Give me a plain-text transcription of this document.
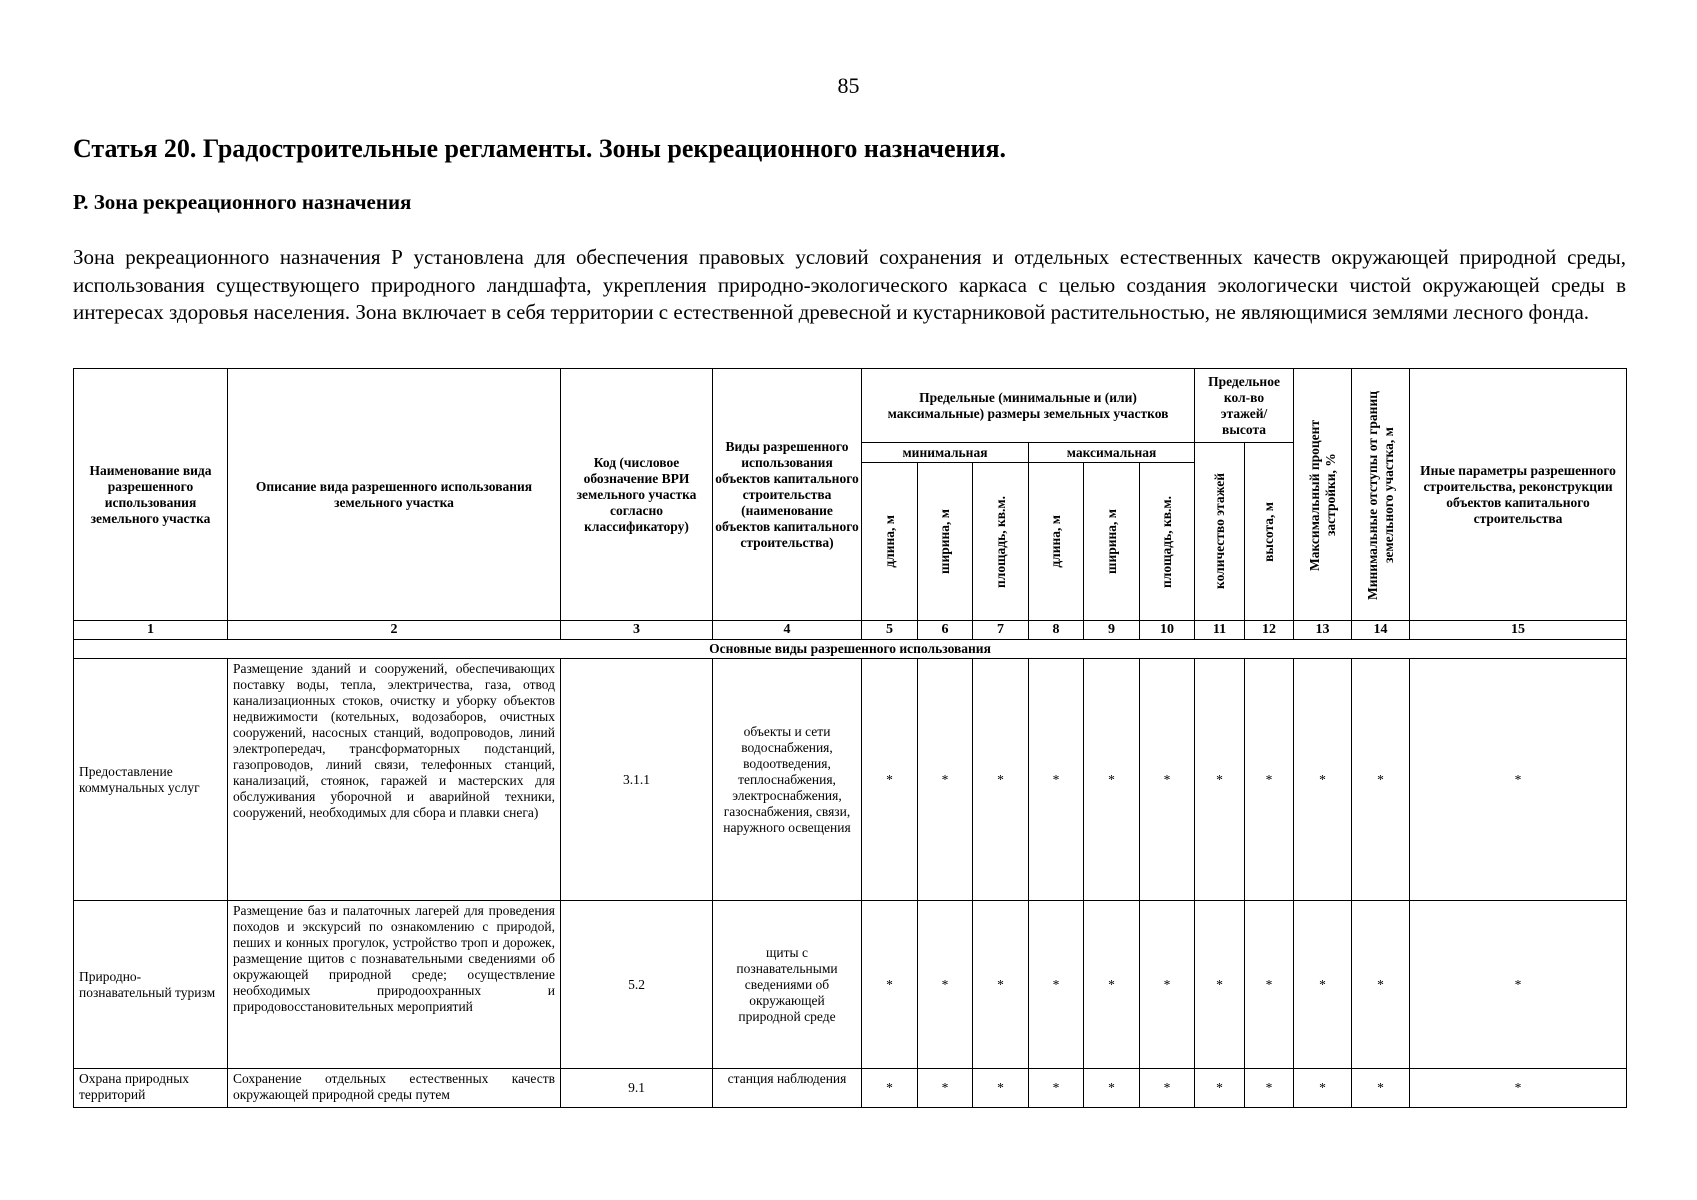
85
Статья 20. Градостроительные регламенты. Зоны рекреационного назначения.
Р. Зона рекреационного назначения

Зона рекреационного назначения Р установлена для обеспечения правовых условий сохранения и отдельных естественных качеств окружающей природной среды, использования существующего природного ландшафта, укрепления природно-экологического каркаса с целью создания экологически чистой окружающей среды в интересах здоровья населения. Зона включает в себя территории с естественной древесной и кустарниковой растительностью, не являющимися землями лесного фонда.

Наименование вида разрешенного использования земельного участка	Описание вида разрешенного использования земельного участка	Код (числовое обозначение ВРИ земельного участка согласно классификатору)	Виды разрешенного использования объектов капитального строительства (наименование объектов капитального строительства)	Предельные (минимальные и (или) максимальные) размеры земельных участков						Предельное кол-во этажей/ высота		Максимальный процент застройки, %	Минимальные отступы от границ земельного участка, м	Иные параметры разрешенного строительства, реконструкции объектов капитального строительства
				минимальная			максимальная			количество этажей	высота, м			

				длина, м	ширина, м	площадь, кв.м.	длина, м	ширина, м	площадь, кв.м.					

1	2	3	4	5	6	7	8	9	10	11	12	13	14	15
Основные виды разрешенного использования														
Предоставление коммунальных услуг	Размещение зданий и сооружений, обеспечивающих поставку воды, тепла, электричества, газа, отвод канализационных стоков, очистку и уборку объектов недвижимости (котельных, водозаборов, очистных сооружений, насосных станций, водопроводов, линий электропередач, трансформаторных подстанций, газопроводов, линий связи, телефонных станций, канализаций, стоянок, гаражей и мастерских для обслуживания уборочной и аварийной техники, сооружений, необходимых для сбора и плавки снега)	3.1.1	объекты и сети водоснабжения, водоотведения, теплоснабжения, электроснабжения, газоснабжения, связи, наружного освещения	*	*	*	*	*	*	*	*	*	*	*
Природно-познавательный туризм	Размещение баз и палаточных лагерей для проведения походов и экскурсий по ознакомлению с природой, пеших и конных прогулок, устройство троп и дорожек, размещение щитов с познавательными сведениями об окружающей природной среде; осуществление необходимых природоохранных и природовосстановительных мероприятий	5.2	щиты с познавательными сведениями об окружающей природной среде	*	*	*	*	*	*	*	*	*	*	*

Охрана природных территорий	Сохранение отдельных естественных качеств окружающей природной среды путем	9.1	станция наблюдения	*	*	*	*	*	*	*	*	*	*	*
